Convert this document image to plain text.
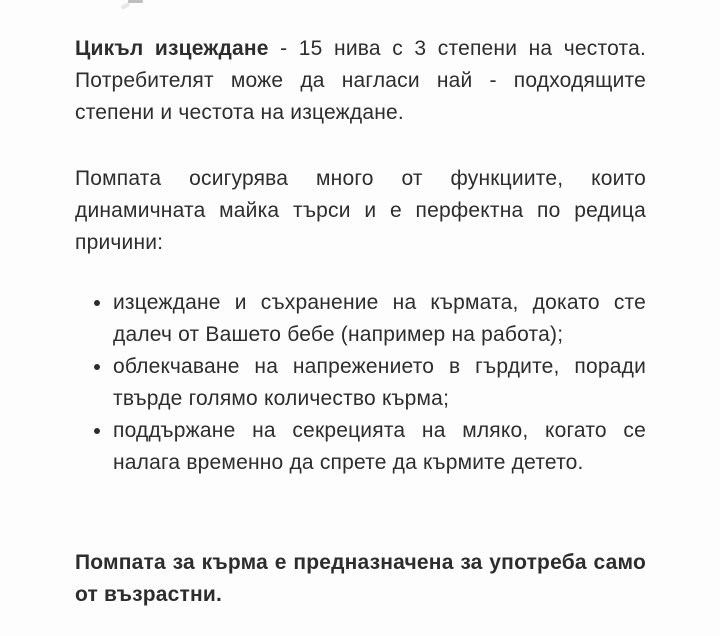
Цикъл изцеждане - 15 нива с 3 степени на честота. Потребителят може да нагласи най - подходящите степени и честота на изцеждане.

Помпата осигурява много от функциите, които динамичната майка търси и е перфектна по редица причини:

• изцеждане и съхранение на кърмата, докато сте далеч от Вашето бебе (например на работа);
• облекчаване на напрежението в гърдите, поради твърде голямо количество кърма;
• поддържане на секрецията на мляко, когато се налага временно да спрете да кърмите детето.

Помпата за кърма е предназначена за употреба само от възрастни.
